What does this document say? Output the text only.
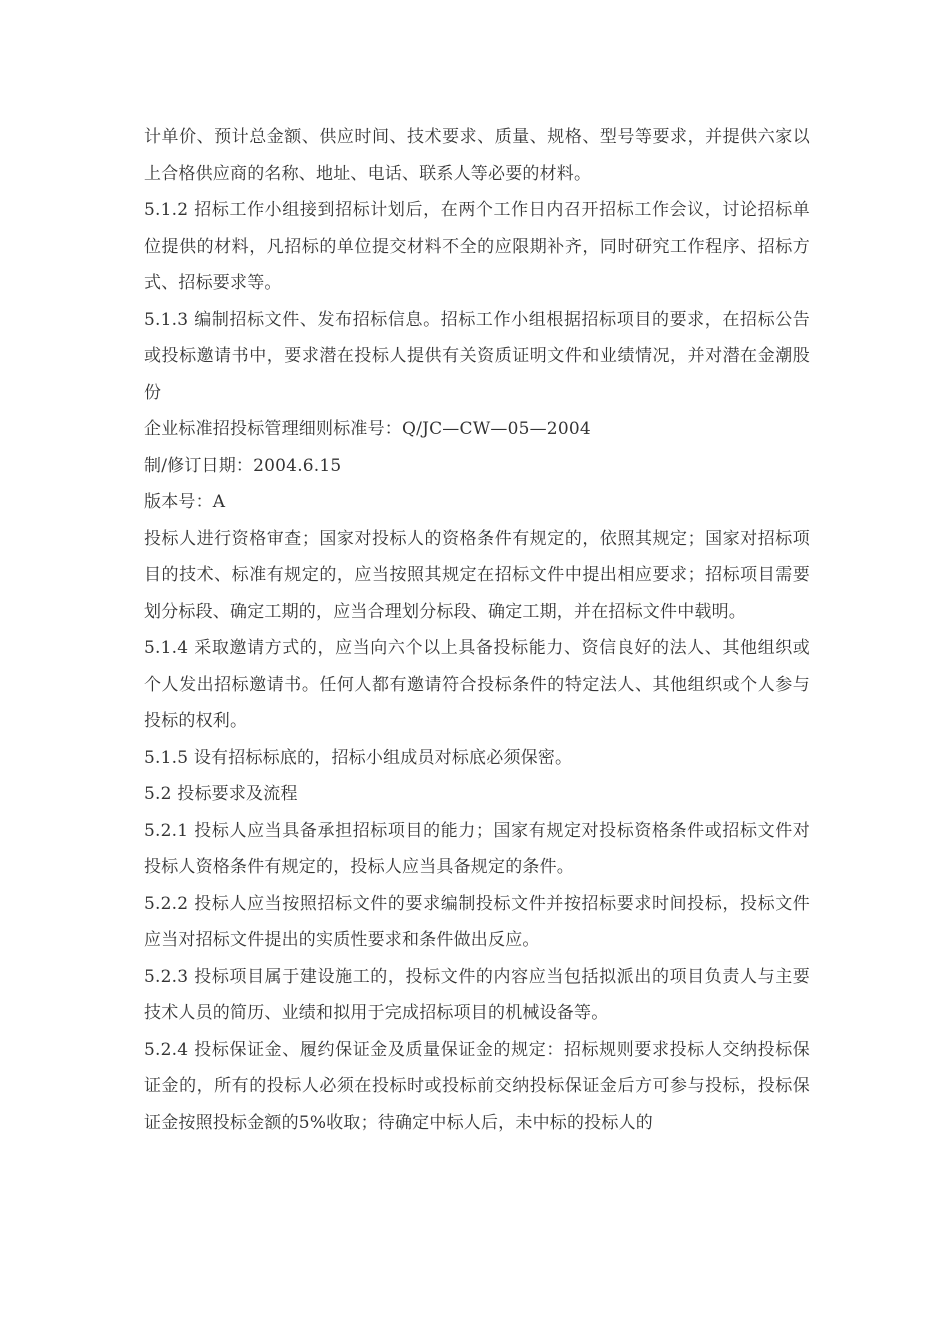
计单价、预计总金额、供应时间、技术要求、质量、规格、型号等要求，并提供六家以上合格供应商的名称、地址、电话、联系人等必要的材料。

5.1.2 招标工作小组接到招标计划后，在两个工作日内召开招标工作会议，讨论招标单位提供的材料，凡招标的单位提交材料不全的应限期补齐，同时研究工作程序、招标方式、招标要求等。

5.1.3 编制招标文件、发布招标信息。招标工作小组根据招标项目的要求，在招标公告或投标邀请书中，要求潜在投标人提供有关资质证明文件和业绩情况，并对潜在金潮股份

企业标准招投标管理细则标准号：Q/JC—CW—05—2004

制/修订日期：2004.6.15

版本号：A

投标人进行资格审查；国家对投标人的资格条件有规定的，依照其规定；国家对招标项目的技术、标准有规定的，应当按照其规定在招标文件中提出相应要求；招标项目需要划分标段、确定工期的，应当合理划分标段、确定工期，并在招标文件中载明。

5.1.4 采取邀请方式的，应当向六个以上具备投标能力、资信良好的法人、其他组织或个人发出招标邀请书。任何人都有邀请符合投标条件的特定法人、其他组织或个人参与投标的权利。

5.1.5 设有招标标底的，招标小组成员对标底必须保密。

5.2 投标要求及流程

5.2.1 投标人应当具备承担招标项目的能力；国家有规定对投标资格条件或招标文件对投标人资格条件有规定的，投标人应当具备规定的条件。

5.2.2 投标人应当按照招标文件的要求编制投标文件并按招标要求时间投标，投标文件应当对招标文件提出的实质性要求和条件做出反应。

5.2.3 投标项目属于建设施工的，投标文件的内容应当包括拟派出的项目负责人与主要技术人员的简历、业绩和拟用于完成招标项目的机械设备等。

5.2.4 投标保证金、履约保证金及质量保证金的规定：招标规则要求投标人交纳投标保证金的，所有的投标人必须在投标时或投标前交纳投标保证金后方可参与投标，投标保证金按照投标金额的5%收取；待确定中标人后，未中标的投标人的
